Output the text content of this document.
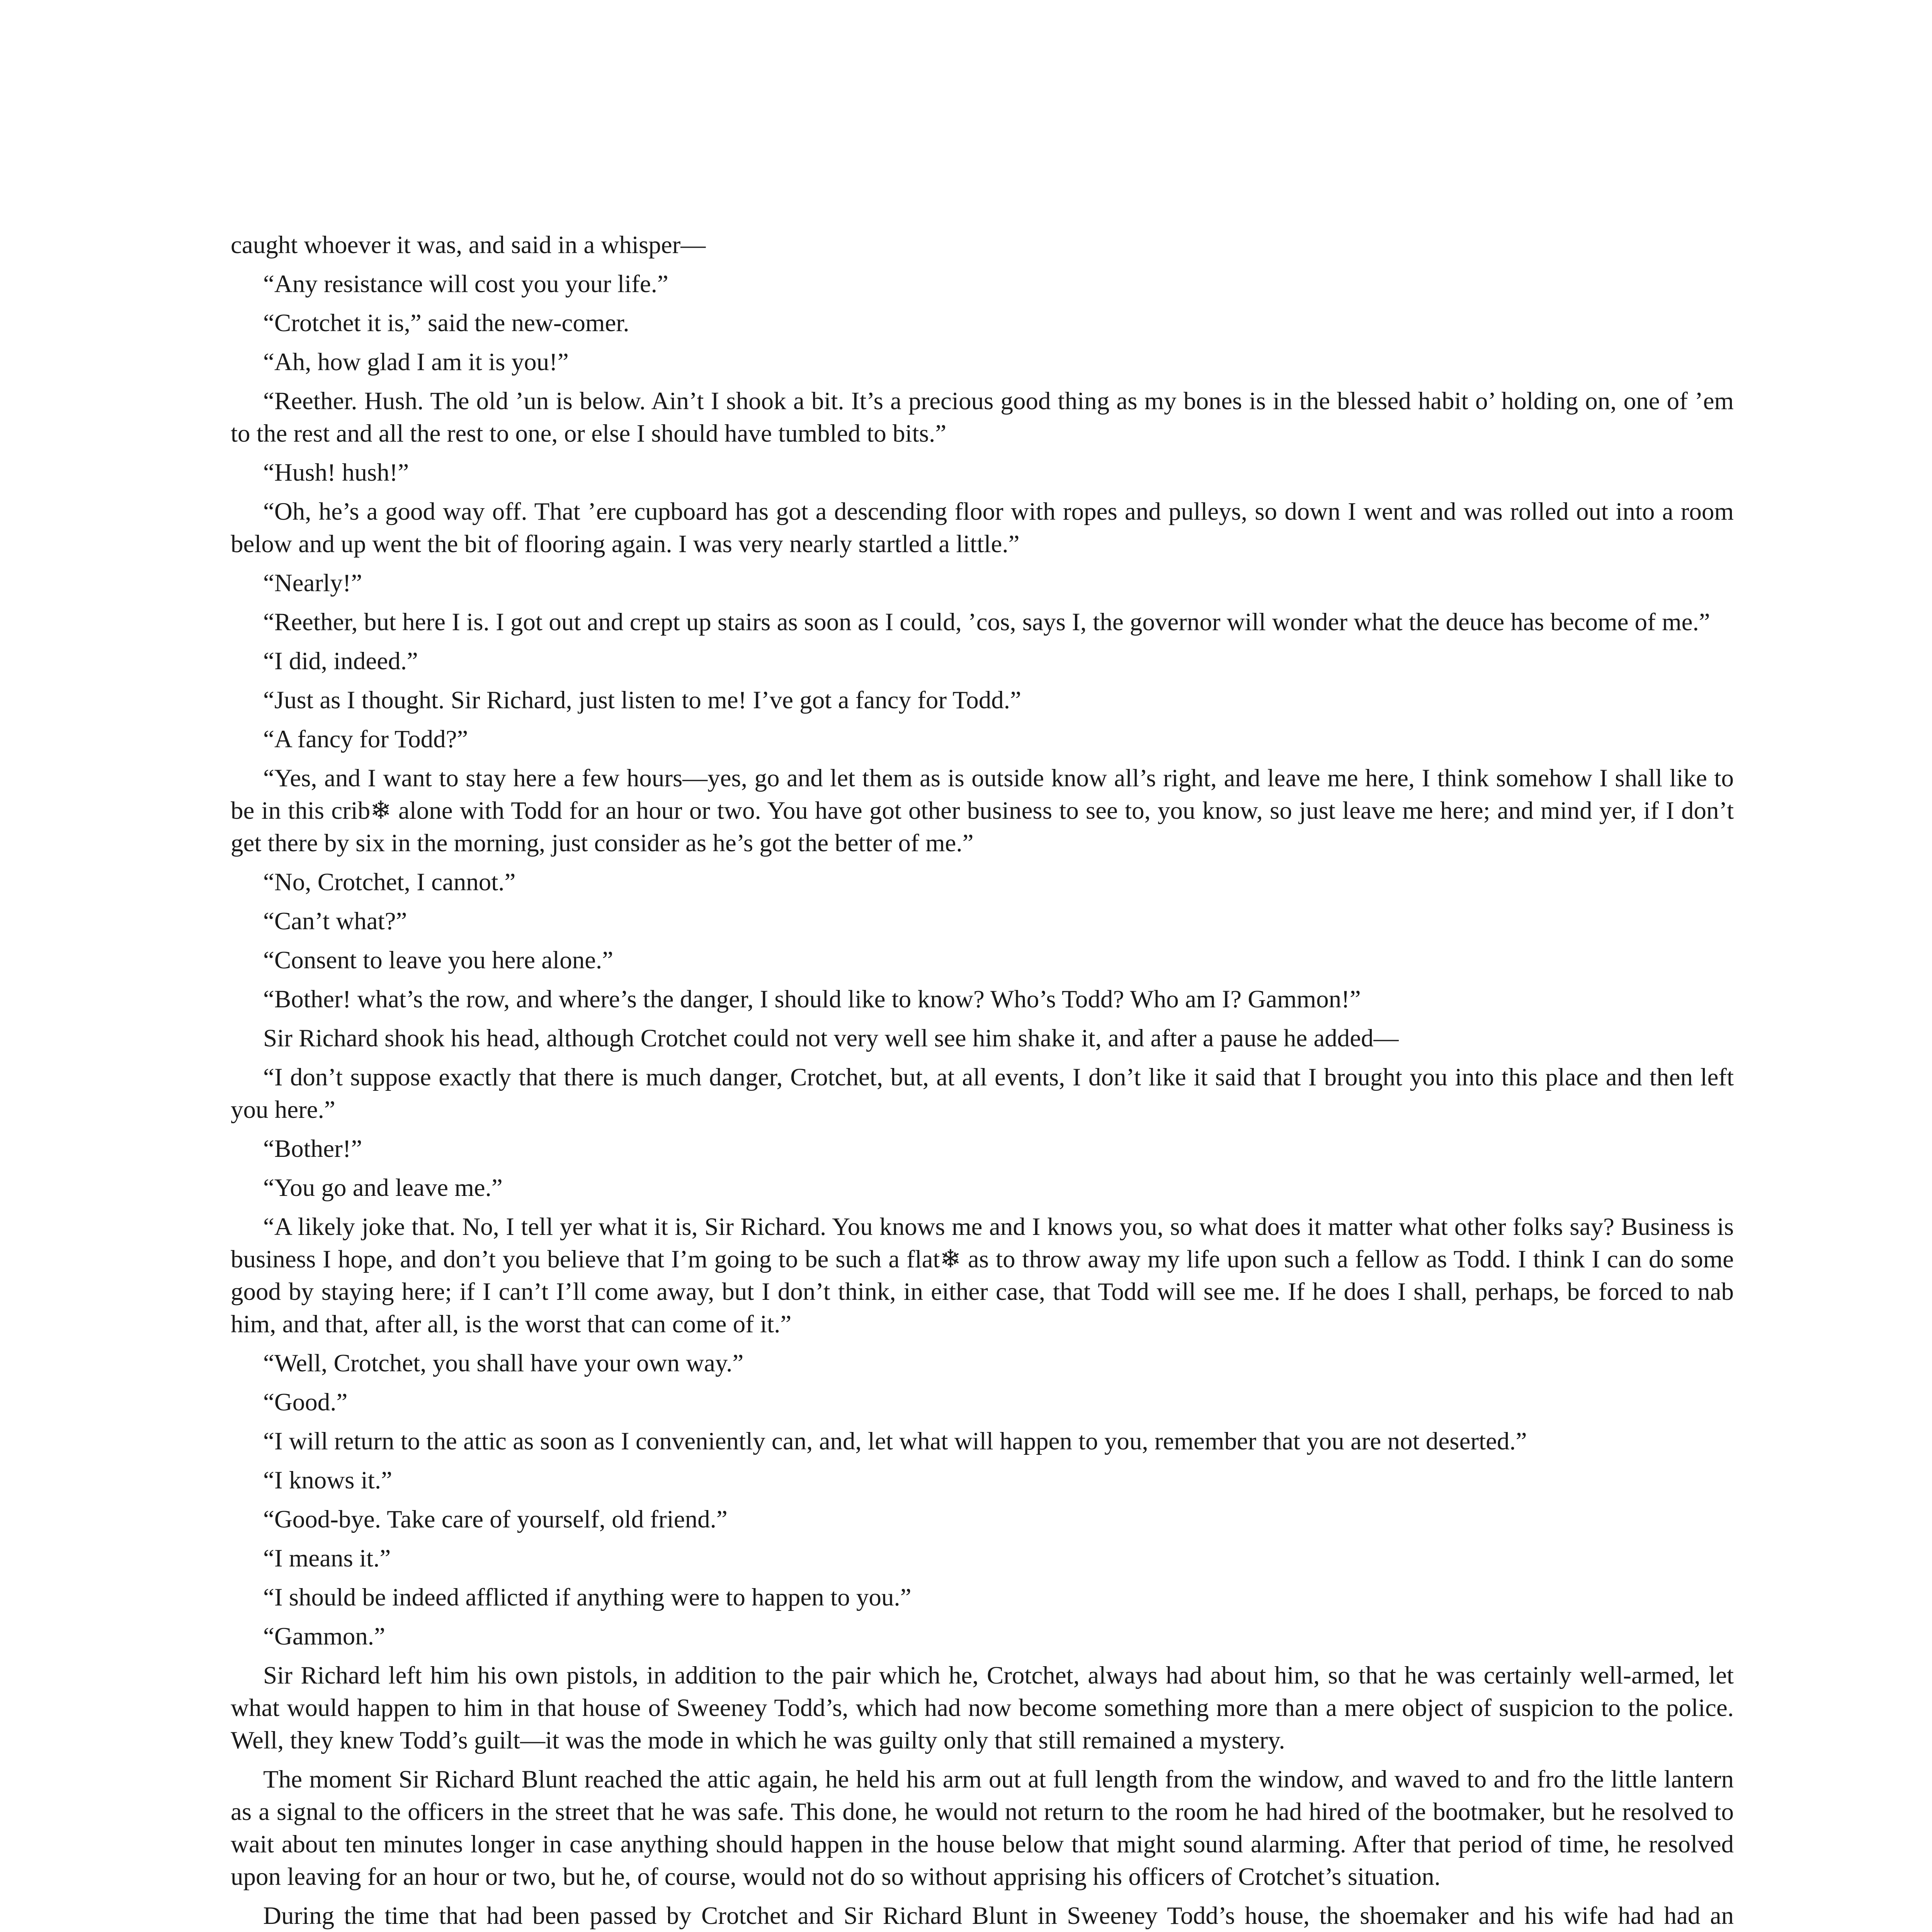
caught whoever it was, and said in a whisper—

“Any resistance will cost you your life.”

“Crotchet it is,” said the new-comer.

“Ah, how glad I am it is you!”

“Reether. Hush. The old ’un is below. Ain’t I shook a bit. It’s a precious good thing as my bones is in the blessed habit o’ holding on, one of ’em to the rest and all the rest to one, or else I should have tumbled to bits.”

“Hush! hush!”

“Oh, he’s a good way off. That ’ere cupboard has got a descending floor with ropes and pulleys, so down I went and was rolled out into a room below and up went the bit of flooring again. I was very nearly startled a little.”

“Nearly!”

“Reether, but here I is. I got out and crept up stairs as soon as I could, ’cos, says I, the governor will wonder what the deuce has become of me.”

“I did, indeed.”

“Just as I thought. Sir Richard, just listen to me! I’ve got a fancy for Todd.”

“A fancy for Todd?”

“Yes, and I want to stay here a few hours—yes, go and let them as is outside know all’s right, and leave me here, I think somehow I shall like to be in this crib❄ alone with Todd for an hour or two. You have got other business to see to, you know, so just leave me here; and mind yer, if I don’t get there by six in the morning, just consider as he’s got the better of me.”

“No, Crotchet, I cannot.”

“Can’t what?”

“Consent to leave you here alone.”

“Bother! what’s the row, and where’s the danger, I should like to know? Who’s Todd? Who am I? Gammon!”

Sir Richard shook his head, although Crotchet could not very well see him shake it, and after a pause he added—

“I don’t suppose exactly that there is much danger, Crotchet, but, at all events, I don’t like it said that I brought you into this place and then left you here.”

“Bother!”

“You go and leave me.”

“A likely joke that. No, I tell yer what it is, Sir Richard. You knows me and I knows you, so what does it matter what other folks say? Business is business I hope, and don’t you believe that I’m going to be such a flat❄ as to throw away my life upon such a fellow as Todd. I think I can do some good by staying here; if I can’t I’ll come away, but I don’t think, in either case, that Todd will see me. If he does I shall, perhaps, be forced to nab him, and that, after all, is the worst that can come of it.”

“Well, Crotchet, you shall have your own way.”

“Good.”

“I will return to the attic as soon as I conveniently can, and, let what will happen to you, remember that you are not deserted.”

“I knows it.”

“Good-bye. Take care of yourself, old friend.”

“I means it.”

“I should be indeed afflicted if anything were to happen to you.”

“Gammon.”

Sir Richard left him his own pistols, in addition to the pair which he, Crotchet, always had about him, so that he was certainly well-armed, let what would happen to him in that house of Sweeney Todd’s, which had now become something more than a mere object of suspicion to the police. Well, they knew Todd’s guilt—it was the mode in which he was guilty only that still remained a mystery.

The moment Sir Richard Blunt reached the attic again, he held his arm out at full length from the window, and waved to and fro the little lantern as a signal to the officers in the street that he was safe. This done, he would not return to the room he had hired of the bootmaker, but he resolved to wait about ten minutes longer in case anything should happen in the house below that might sound alarming. After that period of time, he resolved upon leaving for an hour or two, but he, of course, would not do so without apprising his officers of Crotchet’s situation.

During the time that had been passed by Crotchet and Sir Richard Blunt in Sweeney Todd’s house, the shoemaker and his wife had had an
